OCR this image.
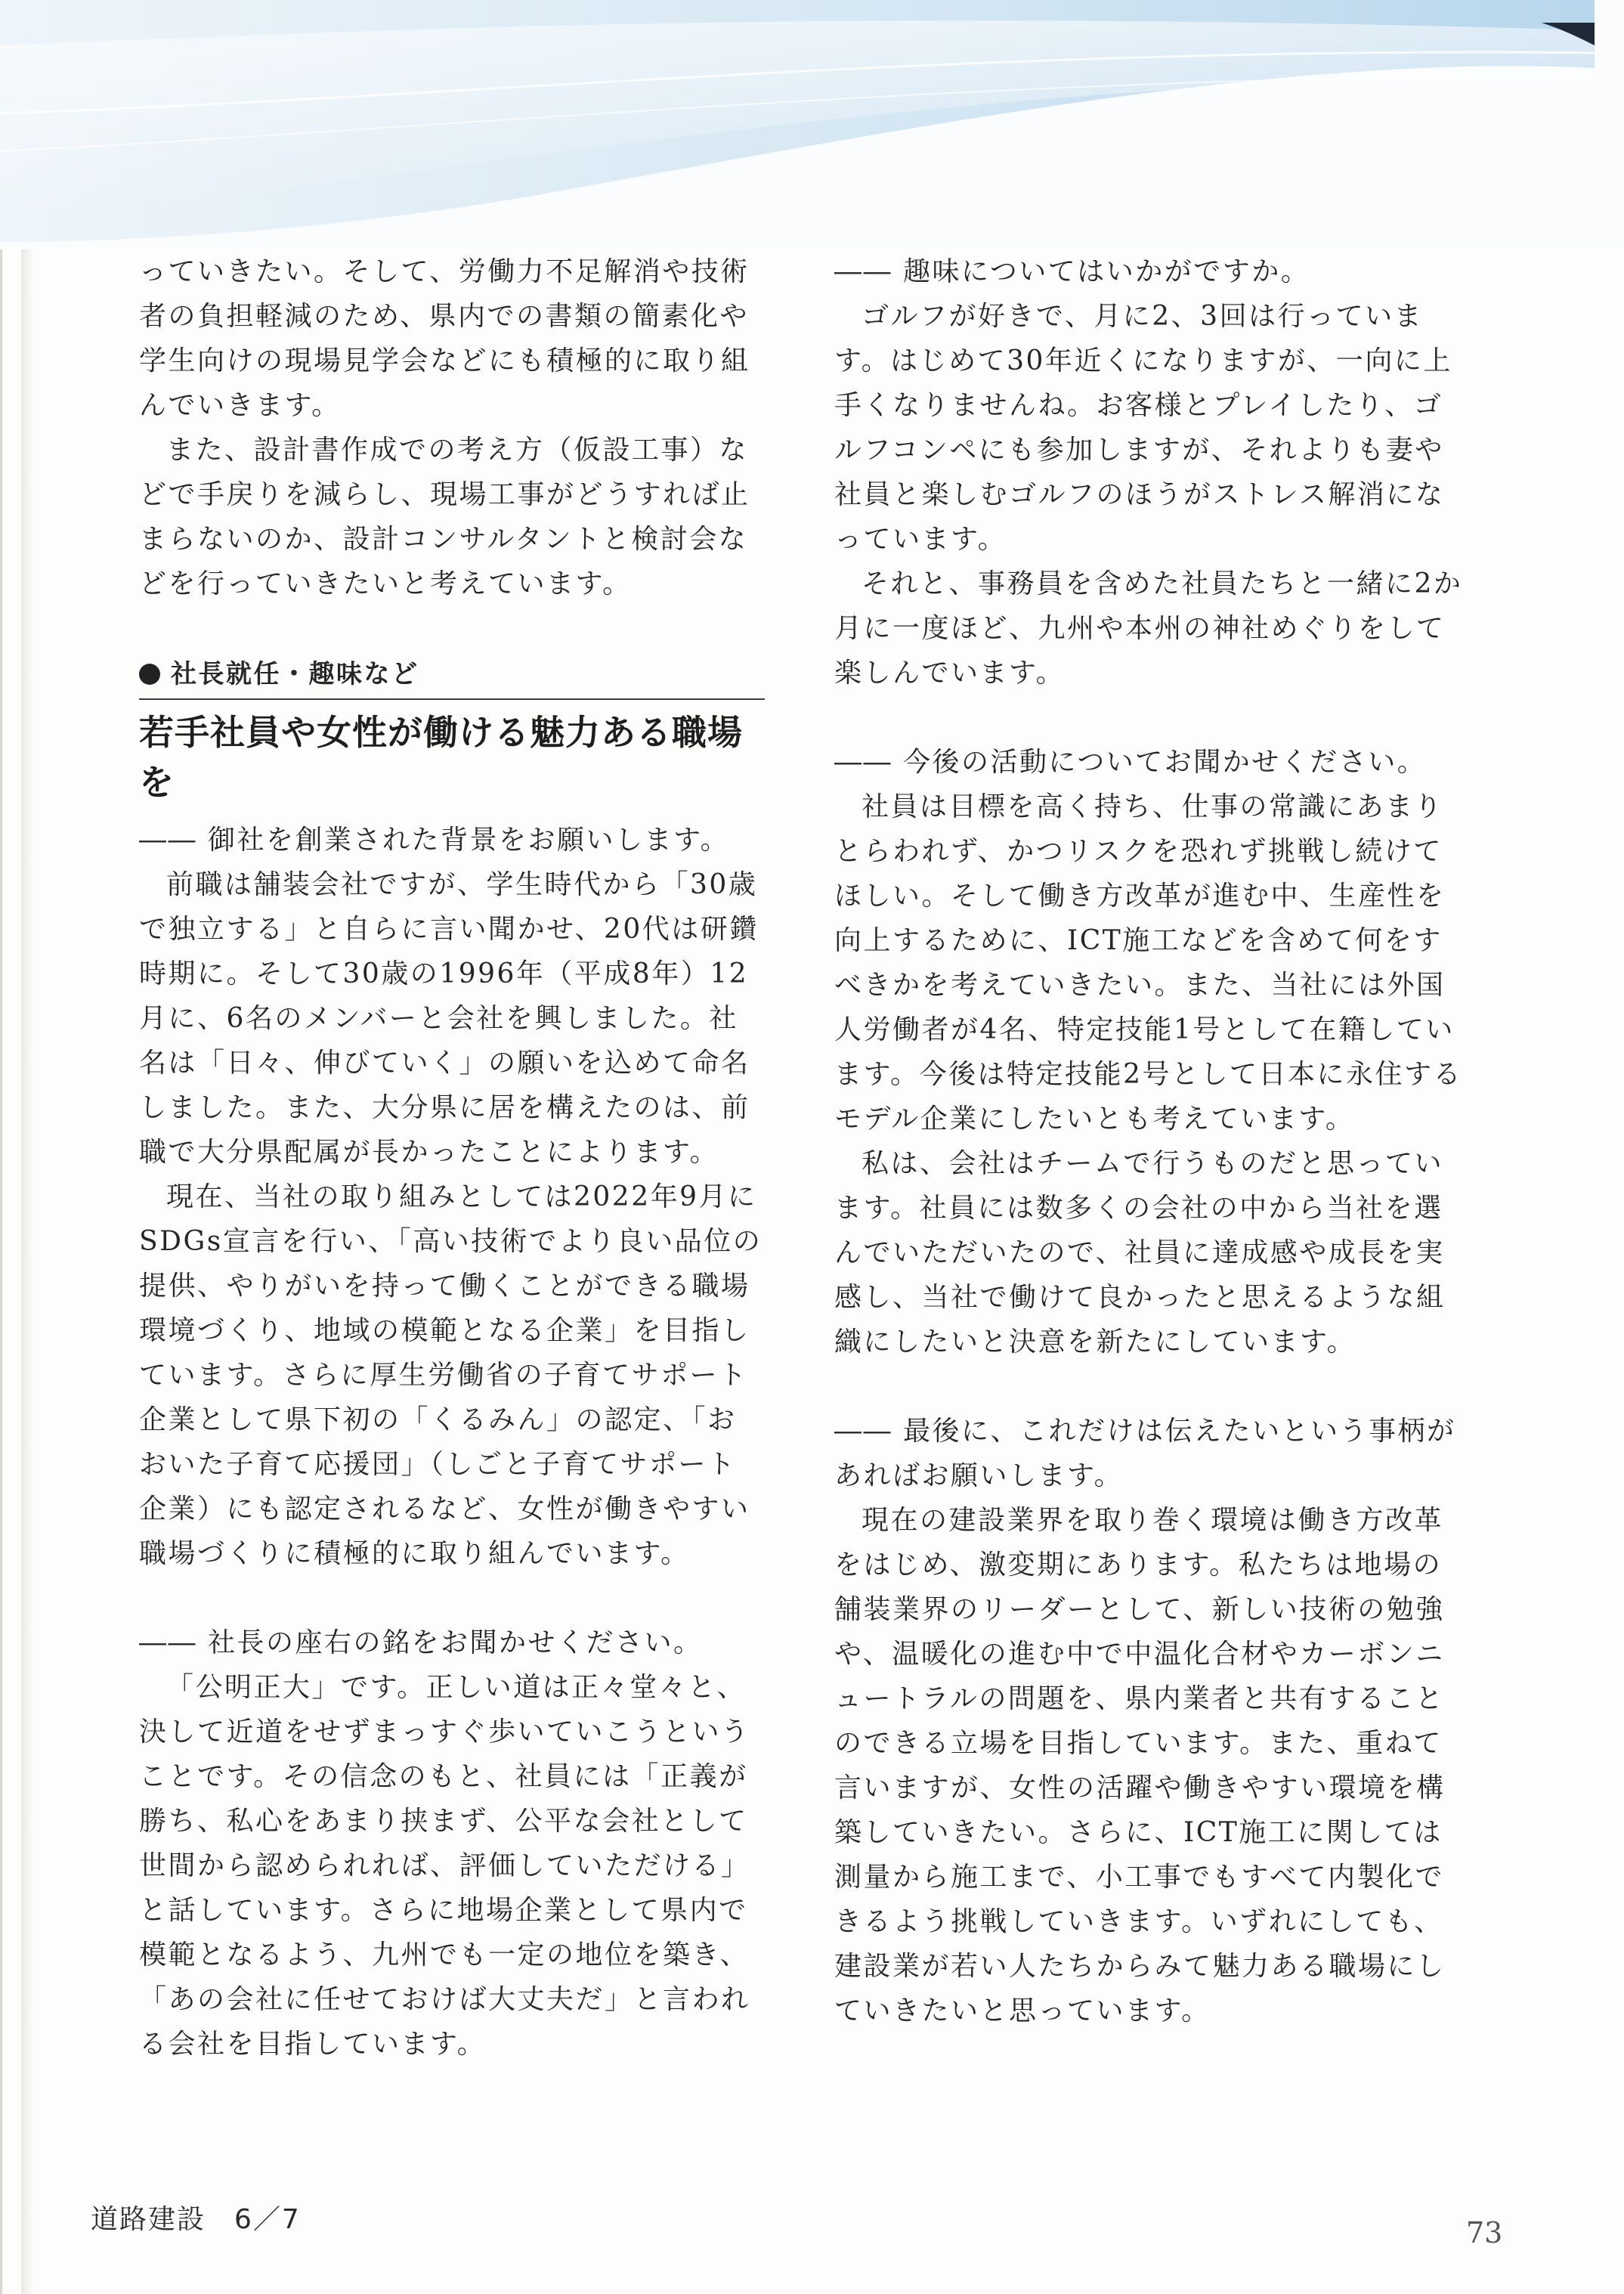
っていきたい。そして、労働力不足解消や技術者の負担軽減のため、県内での書類の簡素化や学生向けの現場見学会などにも積極的に取り組んでいきます。

また、設計書作成での考え方（仮設工事）などで手戻りを減らし、現場工事がどうすれば止まらないのか、設計コンサルタントと検討会などを行っていきたいと考えています。

社長就任・趣味など
若手社員や女性が働ける魅力ある職場を

―― 御社を創業された背景をお願いします。

前職は舗装会社ですが、学生時代から「30歳で独立する」と自らに言い聞かせ、20代は研鑽時期に。そして30歳の1996年（平成8年）12月に、6名のメンバーと会社を興しました。社名は「日々、伸びていく」の願いを込めて命名しました。また、大分県に居を構えたのは、前職で大分県配属が長かったことによります。

現在、当社の取り組みとしては2022年9月にSDGs宣言を行い、「高い技術でより良い品位の提供、やりがいを持って働くことができる職場環境づくり、地域の模範となる企業」を目指しています。さらに厚生労働省の子育てサポート企業として県下初の「くるみん」の認定、「おおいた子育て応援団」（しごと子育てサポート企業）にも認定されるなど、女性が働きやすい職場づくりに積極的に取り組んでいます。

―― 社長の座右の銘をお聞かせください。

「公明正大」です。正しい道は正々堂々と、決して近道をせずまっすぐ歩いていこうということです。その信念のもと、社員には「正義が勝ち、私心をあまり挟まず、公平な会社として世間から認められれば、評価していただける」と話しています。さらに地場企業として県内で模範となるよう、九州でも一定の地位を築き、「あの会社に任せておけば大丈夫だ」と言われる会社を目指しています。

―― 趣味についてはいかがですか。

ゴルフが好きで、月に2、3回は行っています。はじめて30年近くになりますが、一向に上手くなりませんね。お客様とプレイしたり、ゴルフコンペにも参加しますが、それよりも妻や社員と楽しむゴルフのほうがストレス解消になっています。

それと、事務員を含めた社員たちと一緒に2か月に一度ほど、九州や本州の神社めぐりをして楽しんでいます。

―― 今後の活動についてお聞かせください。

社員は目標を高く持ち、仕事の常識にあまりとらわれず、かつリスクを恐れず挑戦し続けてほしい。そして働き方改革が進む中、生産性を向上するために、ICT施工などを含めて何をすべきかを考えていきたい。また、当社には外国人労働者が4名、特定技能1号として在籍しています。今後は特定技能2号として日本に永住するモデル企業にしたいとも考えています。

私は、会社はチームで行うものだと思っています。社員には数多くの会社の中から当社を選んでいただいたので、社員に達成感や成長を実感し、当社で働けて良かったと思えるような組織にしたいと決意を新たにしています。

―― 最後に、これだけは伝えたいという事柄があればお願いします。

現在の建設業界を取り巻く環境は働き方改革をはじめ、激変期にあります。私たちは地場の舗装業界のリーダーとして、新しい技術の勉強や、温暖化の進む中で中温化合材やカーボンニュートラルの問題を、県内業者と共有することのできる立場を目指しています。また、重ねて言いますが、女性の活躍や働きやすい環境を構築していきたい。さらに、ICT施工に関しては測量から施工まで、小工事でもすべて内製化できるよう挑戦していきます。いずれにしても、建設業が若い人たちからみて魅力ある職場にしていきたいと思っています。

道路建設　6／7	73
